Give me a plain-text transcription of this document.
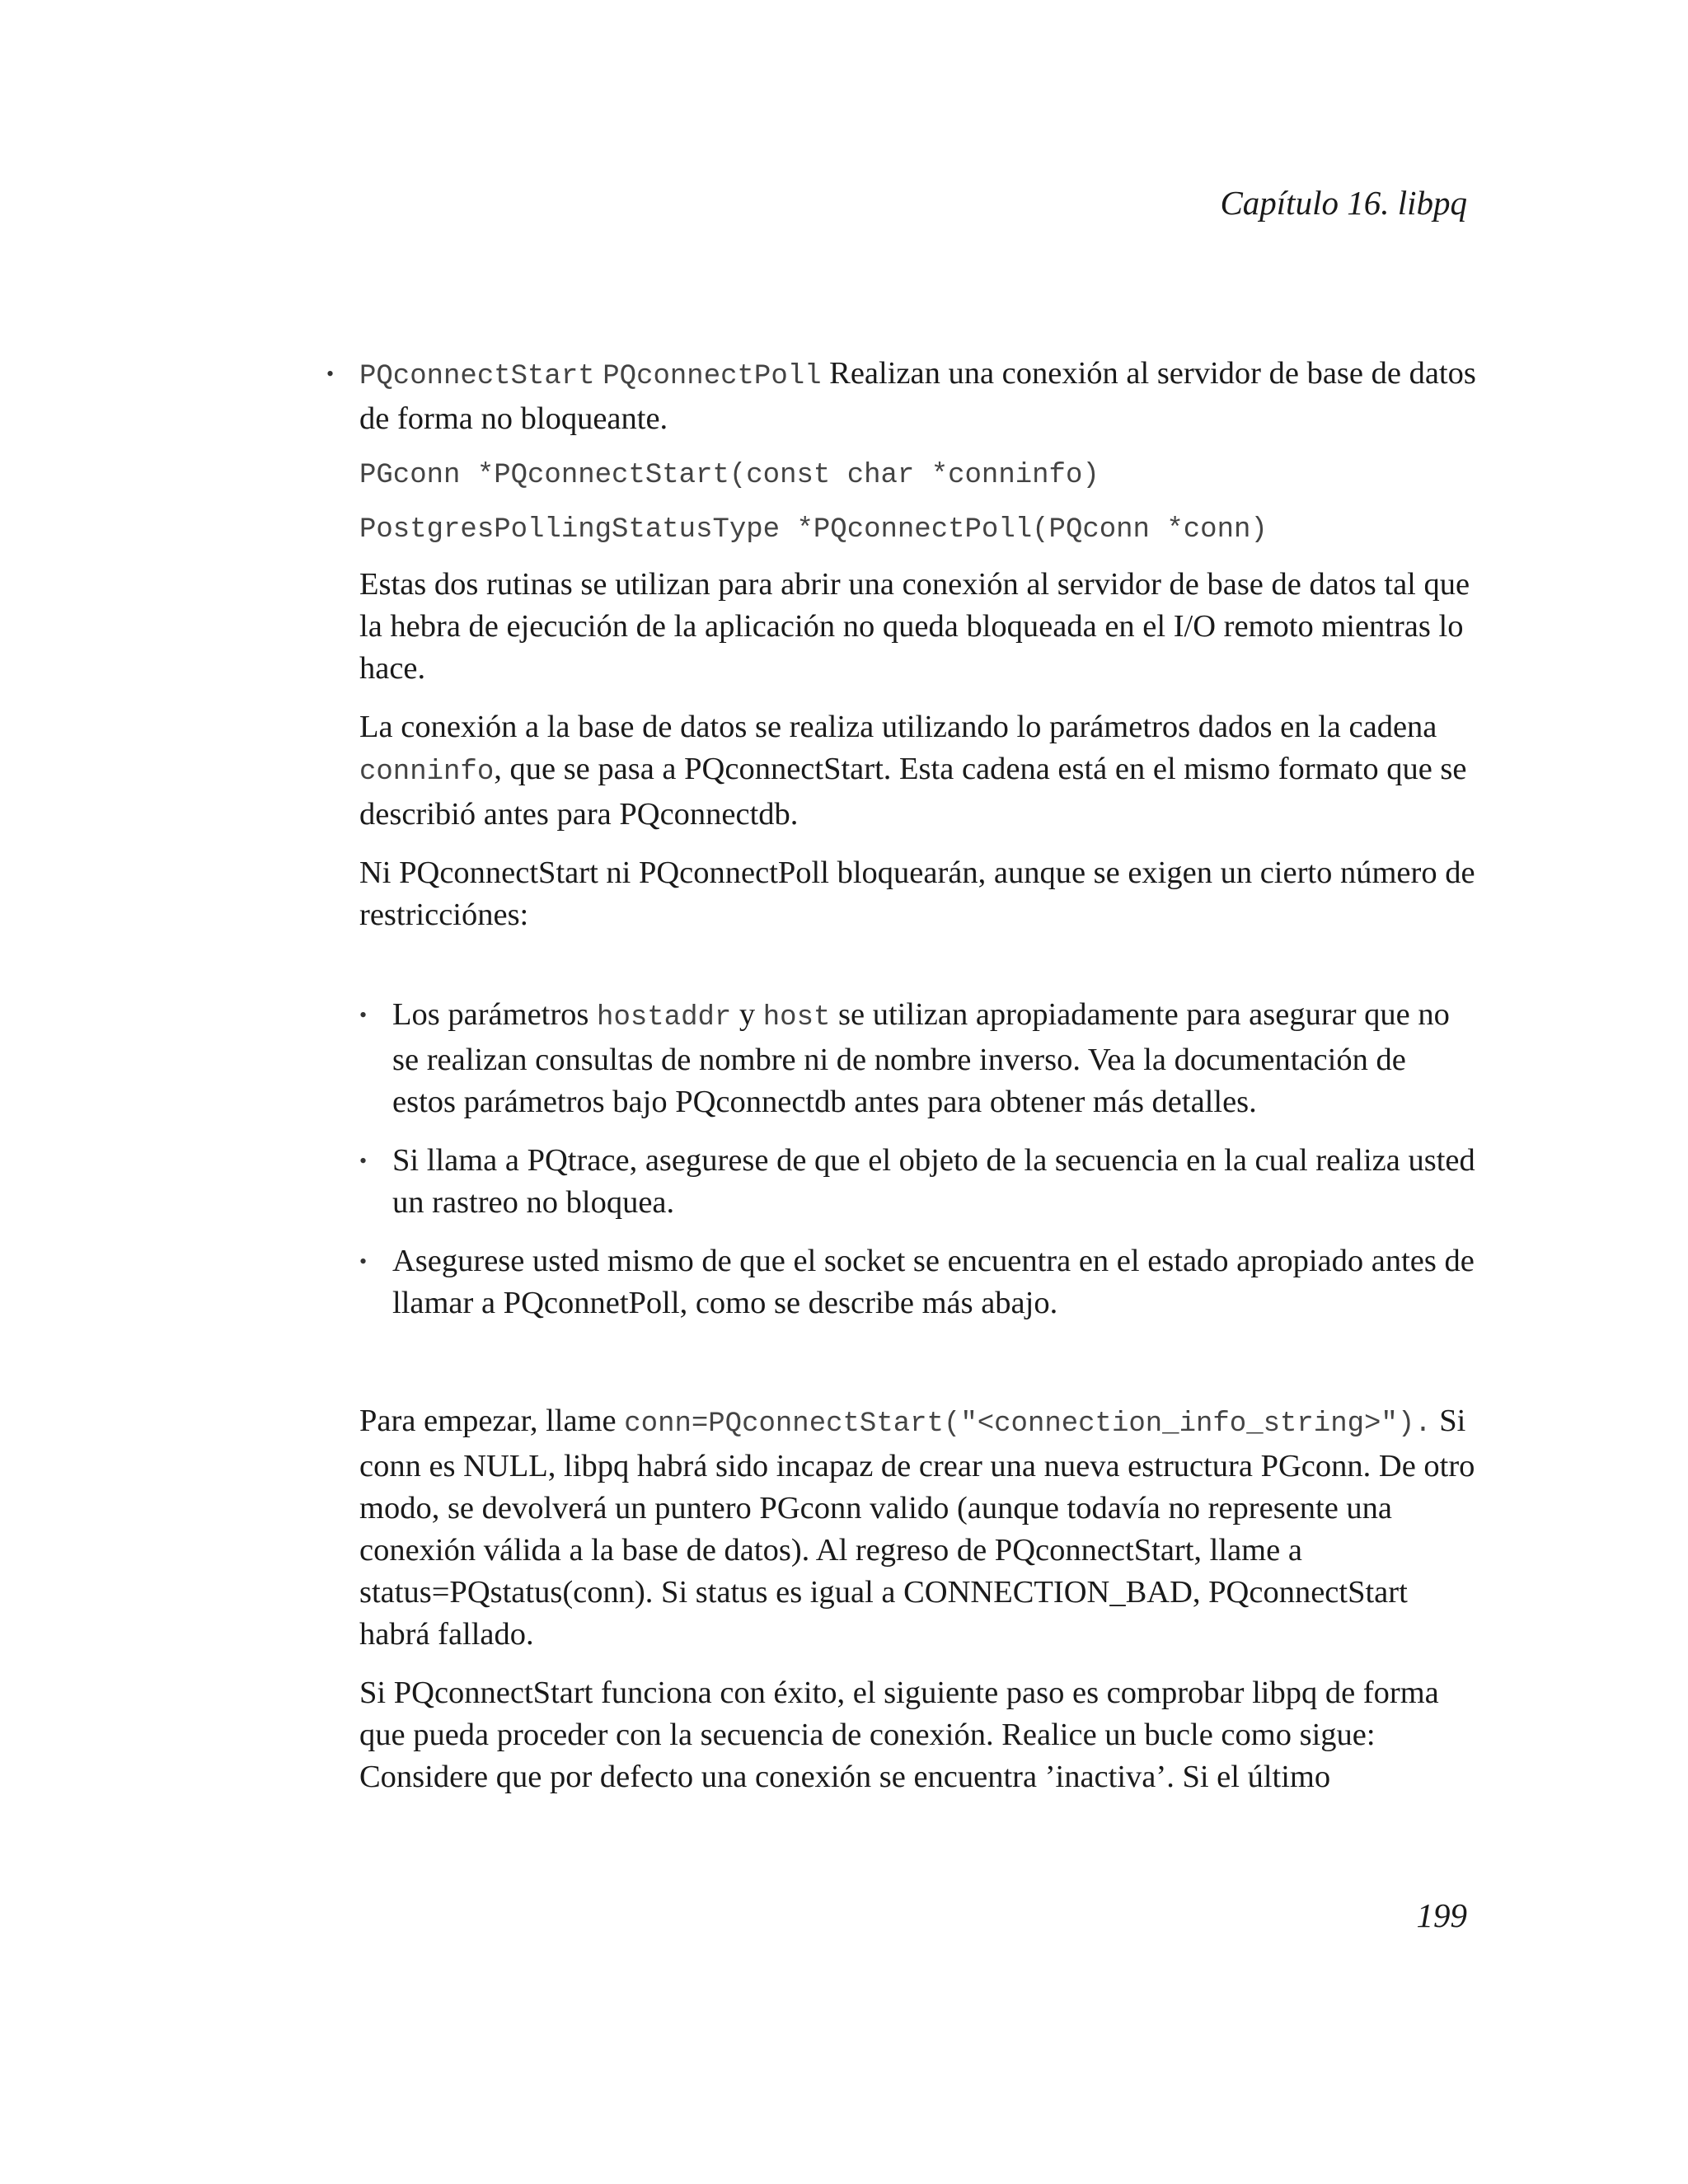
Capítulo 16. libpq
• PQconnectStart PQconnectPoll Realizan una conexión al servidor de base de datos de forma no bloqueante.

PGconn *PQconnectStart(const char *conninfo)
PostgresPollingStatusType *PQconnectPoll(PQconn *conn)

Estas dos rutinas se utilizan para abrir una conexión al servidor de base de datos tal que la hebra de ejecución de la aplicación no queda bloqueada en el I/O remoto mientras lo hace.

La conexión a la base de datos se realiza utilizando lo parámetros dados en la cadena conninfo, que se pasa a PQconnectStart. Esta cadena está en el mismo formato que se describió antes para PQconnectdb.

Ni PQconnectStart ni PQconnectPoll bloquearán, aunque se exigen un cierto número de restricciónes:

• Los parámetros hostaddr y host se utilizan apropiadamente para asegurar que no se realizan consultas de nombre ni de nombre inverso. Vea la documentación de estos parámetros bajo PQconnectdb antes para obtener más detalles.
• Si llama a PQtrace, asegurese de que el objeto de la secuencia en la cual realiza usted un rastreo no bloquea.
• Asegurese usted mismo de que el socket se encuentra en el estado apropiado antes de llamar a PQconnetPoll, como se describe más abajo.

Para empezar, llame conn=PQconnectStart("<connection_info_string>"). Si conn es NULL, libpq habrá sido incapaz de crear una nueva estructura PGconn. De otro modo, se devolverá un puntero PGconn valido (aunque todavía no represente una conexión válida a la base de datos). Al regreso de PQconnectStart, llame a status=PQstatus(conn). Si status es igual a CONNECTION_BAD, PQconnectStart habrá fallado.

Si PQconnectStart funciona con éxito, el siguiente paso es comprobar libpq de forma que pueda proceder con la secuencia de conexión. Realice un bucle como sigue: Considere que por defecto una conexión se encuentra ’inactiva’. Si el último

199
